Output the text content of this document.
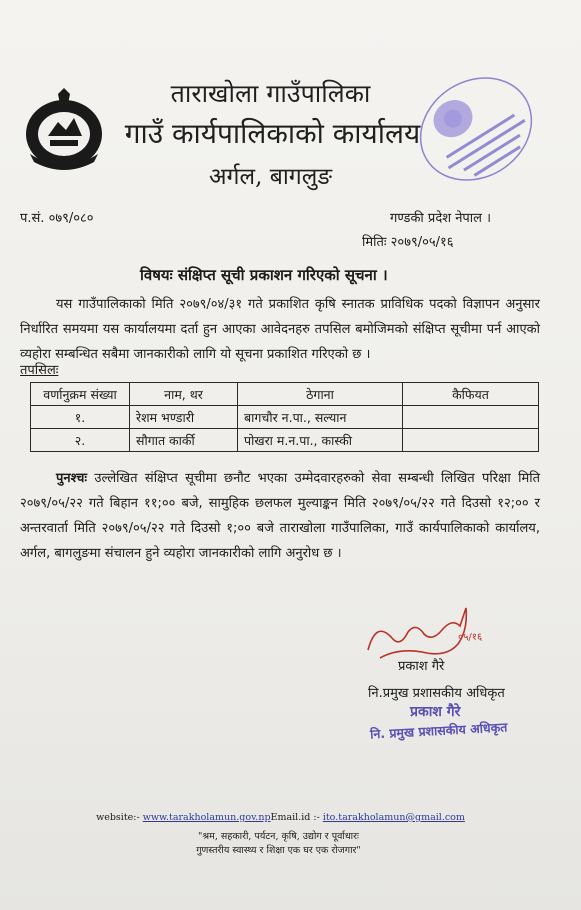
ताराखोला गाउँपालिका
गाउँ कार्यपालिकाको कार्यालय
अर्गल, बागलुङ
प.सं. ०७९/०८०	गण्डकी प्रदेश नेपाल ।
मितिः २०७९/०५/१६
विषयः संक्षिप्त सूची प्रकाशन गरिएको सूचना ।

यस गाउँपालिकाको मिति २०७९/०४/३१ गते प्रकाशित कृषि स्नातक प्राविधिक पदको विज्ञापन अनुसार निर्धारित समयमा यस कार्यालयमा दर्ता हुन आएका आवेदनहरु तपसिल बमोजिमको संक्षिप्त सूचीमा पर्न आएको व्यहोरा सम्बन्धित सबैमा जानकारीको लागि यो सूचना प्रकाशित गरिएको छ ।

तपसिलः
वर्णानुक्रम संख्या	नाम, थर	ठेगाना	कैफियत
१.	रेशम भण्डारी	बागचौर न.पा., सल्यान	
२.	सौगात कार्की	पोखरा म.न.पा., कास्की	

पुनश्चः उल्लेखित संक्षिप्त सूचीमा छनौट भएका उम्मेदवारहरुको सेवा सम्बन्धी लिखित परिक्षा मिति २०७९/०५/२२ गते बिहान ११;०० बजे, सामुहिक छलफल मुल्याङ्कन मिति २०७९/०५/२२ गते दिउसो १२;०० र अन्तरवार्ता मिति २०७९/०५/२२ गते दिउसो १;०० बजे ताराखोला गाउँपालिका, गाउँ कार्यपालिकाको कार्यालय, अर्गल, बागलुङमा संचालन हुने व्यहोरा जानकारीको लागि अनुरोध छ ।

०५/१६
प्रकाश गैरे
नि.प्रमुख प्रशासकीय अधिकृत
प्रकाश गैरे
नि. प्रमुख प्रशासकीय अधिकृत
website:- www.tarakholamun.gov.npEmail.id :- ito.tarakholamun@gmail.com
"श्रम, सहकारी, पर्यटन, कृषि, उद्योग र पूर्वाधारः
गुणस्तरीय स्वास्थ्य र शिक्षा एक घर एक रोजगार"
